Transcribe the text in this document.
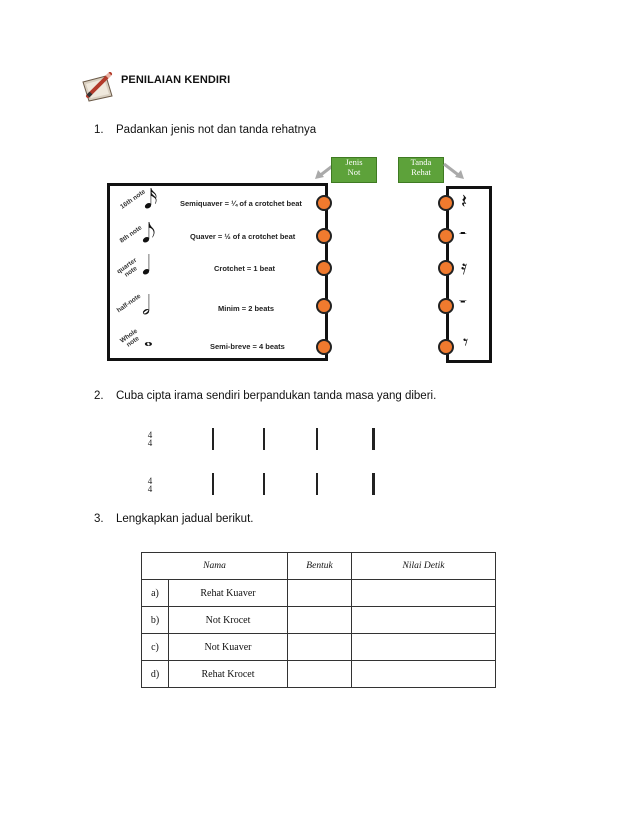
PENILAIAN KENDIRI
1. Padankan jenis not dan tanda rehatnya
Jenis
Not
Tanda
Rehat
16th note
𝅘𝅥𝅯	Semiquaver = ¼ of a crotchet beat
8th note
𝅘𝅥𝅮	Quaver = ½ of a crotchet beat
quarter note 𝅘𝅥	Crotchet = 1 beat
half-note 𝅗𝅥	Minim = 2 beats
Whole note 𝅝	Semi-breve = 4 beats
𝄽
𝄼
𝄿
𝄻
𝄾
2. Cuba cipta irama sendiri berpandukan tanda masa yang diberi.
4
4
4
4
3. Lengkapkan jadual berikut.
Nama		Bentuk	Nilai Detik
a)	Rehat Kuaver		
b)	Not Krocet		
c)	Not Kuaver		
d)	Rehat Krocet		
